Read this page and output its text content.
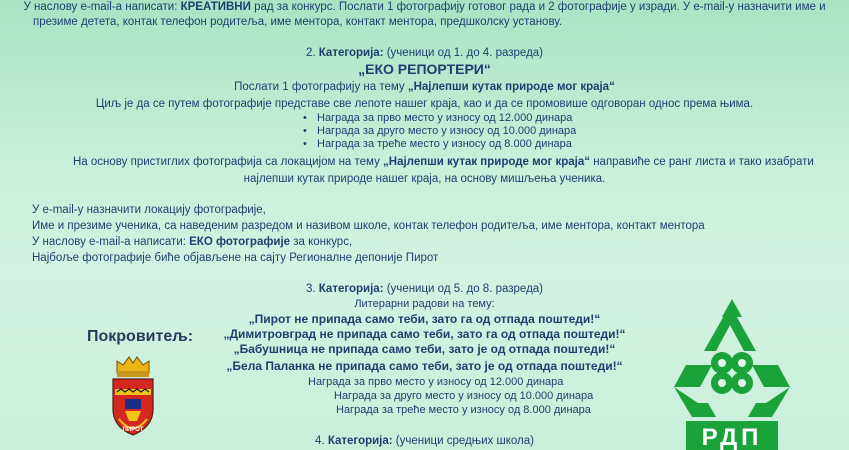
У наслову e-mail-а написати: КРЕАТИВНИ рад за конкурс. Послати 1 фотографију готовог рада и 2 фотографије у изради. У e-mail-у назначити име и
презиме детета, контак телефон родитеља, име ментора, контакт ментора, предшколску установу.
2. Категорија: (ученици од 1. до 4. разреда)
„ЕКО РЕПОРТЕРИ“
Послати 1 фотографију на тему „Најлепши кутак природе мог краја“
Циљ је да се путем фотографије представе све лепоте нашег краја, као и да се промовише одговоран однос према њима.
• Награда за прво место у износу од 12.000 динара
• Награда за друго место у износу од 10.000 динара
• Награда за треће место у износу од 8.000 динара
На основу пристиглих фотографија са локацијом на тему „Најлепши кутак природе мог краја“ направиће се ранг листа и тако изабрати
најлепши кутак природе нашег краја, на основу мишљења ученика.
У e-mail-у назначити локацију фотографије,
Име и презиме ученика, са наведеним разредом и називом школе, контак телефон родитеља, име ментора, контакт ментора
У наслову e-mail-а написати: ЕКО фотографије за конкурс,
Најбоље фотографије биће објављене на сајту Регионалне депоније Пирот
3. Категорија: (ученици од 5. до 8. разреда)
Литерарни радови на тему:
„Пирот не припада само теби, зато га од отпада поштеди!“
„Димитровград не припада само теби, зато га од отпада поштеди!“
„Бабушница не припада само теби, зато је од отпада поштеди!“
„Бела Паланка не припада само теби, зато је од отпада поштеди!“
Награда за прво место у износу од 12.000 динара
Награда за друго место у износу од 10.000 динара
Награда за треће место у износу од 8.000 динара
4. Категорија: (ученици средњих школа)
Покровитељ:
ПИРОТ	РДП
